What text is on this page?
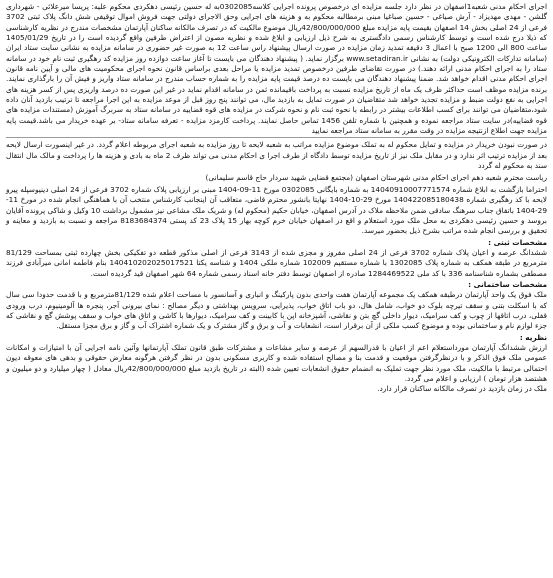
اجرای احکام مدنی شعبه1اصفهان در نظر دارد جلسه مزایده ای درخصوص پرونده اجرایی کلاسه0302085به له حسین رئیسی دهکردی محکوم علیه: پریسا میرعلائی - شهرداری گلشن - مهدی مهدیزاد - آرش صیاغی - حسین صباغیا مبنی برمطالبه محکوم به و هزینه های اجرایی وحق الاجرای دولتی جهت فروش اموال توقیفی شش دانگ پلاک ثبتی 3702 فرعی از 24 اصلی بخش 14 اصفهان بقیمت پایه مزایده مبلغ 42/800/000/000ریال موضوع مالکیت که در تصرف مالکانه ساکنان آپارتمان مشخصات مندرج در نظریه کارشناسی که ذیلا درج شده است و توسط کارشناس رسمی دادگستری به شرح ذیل ارزیابی و ابلاغ شده و نظریه مصون از اعتراض طرفین واقع گردیده است را در تاریخ 1405/01/29 ساعت 800 الی 1200 صبح با اعمال 3 دقیقه تمدید زمان مزایده در صورت ارسال پیشنهاد راس ساعت 12 به صورت غیر حضوری در سامانه مزایده به نشانی سایت ستاد ایران (سامانه تدارکات الکترونیکی دولت) به نشانی www.setadiran.ir برگزار نماید. ( پیشنهاد دهندگان می بایست تا آغاز ساعت دوازده روز مزایده کد رهگیری ثبت نام خود در سامانه ستاد را به اجرای احکام مدنی ارائه دهند.) در صورت تقاضای طرفین درخصوص تمدید مزایده یا مراحل بعدی براساس قانون نحوه اجرای محکومیت های مالی و آیین نامه قانون اجرای احکام مدنی اقدام خواهد شد. ضمنا پیشنهاد دهندگان می بایست ده درصد قیمت پایه مزایده را به شماره حساب مندرج در سامانه ستاد واریز و فیش آن را بارگذاری نمایند. برنده مزایده موظف است حداکثر ظرف یک ماه از تاریخ مزایده نسبت به پرداخت باقیمانده ثمن در سامانه اقدام نماید در غیر این صورت ده درصد واریزی پس از کسر هزینه های اجرایی به نفع دولت ضبط و مزایده تجدید خواهد شد متقاضیان در صورت تمایل به بازدید مال، می توانند پنج روز قبل از موعد مزایده به این اجرا مراجعه تا ترتیب بازدید آنان داده شود،متقاضیان می توانند برای کسب اطلاعات بیشتر در رابطه با نحوه ثبت نام و نحوه شرکت در مزایده های قوه قضاییه در سامانه ستاد به سربرگ آموزش (مستندات مزایده های قوه قضاییه)در سایت ستاد مراجعه نموده و همچنین با شماره تلفن 1456 تماس حاصل نمایند. پرداخت کارمزد مزایده - تعرفه سامانه ستاد- بر عهده خریدار می باشد.قیمت پایه مزایده جهت اطلاع ازنتیجه مزایده در وقت مقرر به سامانه ستاد مراجعه نمایید

در صورت نبودن خریدار در مزایده و تمایل محکوم له به تملک موضوع مزایده مراتب به شعبه لایحه تا روز مزایده به شعبه اجرای مربوطه اعلام گردد. در غیر اینصورت ارسال لایحه بعد از مزایده ترتیب اثر ندارد و در مقابل ملک نیز از تاریخ مزایده توسط دادگاه از طرف اجرا ی احکام مدنی می تواند ظرف 2 ماه به بادی و هزینه ها را پرداخت و مالک مال انتقال سند به محکوم له گردد

ریاست محترم شعبه دهم اجرای احکام مدنی شهرستان اصفهان (مجتمع قضایی شهید سردار حاج قاسم سلیمانی)

احتراما بازگشت به ابلاغ شماره 14040910007771574 به شماره بایگانی 0302085 مورخ 11-09-1404 مبنی بر ارزیابی پلاک شماره 3702 فرعی از 24 اصلی دینیوسپله پیرو لایحه با کد رهگیری شماره 140422085180438 مورخ 29-10-1404 نهایتا بانشور محترم قاضی، متعاقب آن اینجانب کارشناس منتخب آن با هماهنگی انجام شده در مورخ 11-29-1404 باتفاق جناب سرهنگ سادقی ضمن ملاحظه ملاک در آدرس اصفهان، خیابان حکیم (محکوم له) و شریک ملک مشاعی نیز مشمول برداشت 10 وکیل و شاکی پرونده آقایان بروسد و حسین رئیسی دهکردی به محل ملک مورد استعلام و اقع در اصفهان خیابان خرم کوچه بهار 15 پلاک 23 کد پستی 8183684374 مراجعه و نسبت به بازدید و معاینه و تحقیق و بررسی انجام شده مراتب بشرح ذیل بحضور میرسد.

مشخصات ثبتی :

ششدانگ عرصه و اعیان پلاک شماره 3702 فرعی از 24 اصلی مفروز و مجزی شده از 3143 فرعی از اصلی مذکور قطعه دو تفکیکی بخش چهارده ثبتی بمساحت 81/129 مترمربع در طبقه همکف به شماره پلاک 1302085 با شماره مستقیم 102009 شماره ملکی 1404 و شناسه یکتا 140410202025017521 بنام فاطمه امانی میرآبادی فرزند مصطفی بشماره شناسنامه 336 با کد ملی 1284469522 صادره از اصفهان توسط دفتر خانه اسناد رسمی شماره 64 شهر اصفهان قید گردیده است.

مشخصات ساختمانی :

ملک فوق یک واحد آپارتمان درطبقه همکف یک مجموعه آپارتمان هفت واحدی بدون پارکینگ و انباری و آسانسور با مساحت اعلام شده 81/129مترمربع و با قدمت حدودا سی سال که با اسکلت بتنی و سقف تیرچه بلوک دو خواب، شامل هال، دو باب اتاق خواب، پذیرایی، سرویس بهداشتی و دیگر مصالح : نمای بیرونی آجر، پنجره ها آلومینیوم، درب ورودی قفلی، درب اتاقها از چوب و کف سرامیک، دیوار داخلی گچ بتن و نقاشی، آشپزخانه اپن با کابینت و کف سرامیک، دیوارها با کاشی و اتاق های خواب و سقف پوشش گچ و نقاشی که جزء لوازم نام و ساختمانی بوده و موضوع کسب ملکی از آن برقرار است، انشعابات و آب و برق و گاز مشترک و یک شماره اشتراک آب و گاز و برق مجزا مستقل.

نظریه :

ارزش ششدانگ آپارتمان مورداستعلام اعم از اعیان با قدرالسهم از عرصه و سایر مشاعات و مشترکات طبق قانون تملک آپارتمانها وآئین نامه اجرایی آن با امتیازات و امکانات عمومی ملک فوق الذکر و با درنظرگرفتن موقعیت و قدمت بنا و مصالح استفاده شده و کاربری مسکونی بدون در نظر گرفتن هرگونه معارض حقوقی و بدهی های معوقه دیون احتمالی مرتبط با مالکیت، ملک مورد نظر جهت تملیک به انضمام حقوق انشعابات تعیین شده (البته در تاریخ بازدید مبلغ 42/800/000/000ریال معادل ( چهار میلیارد و دو میلیون و هشتصد هزار تومان ) ارزیابی و اعلام می گردد.

ملک در زمان بازدید در تصرف مالکانه ساکنان قرار دارد.
